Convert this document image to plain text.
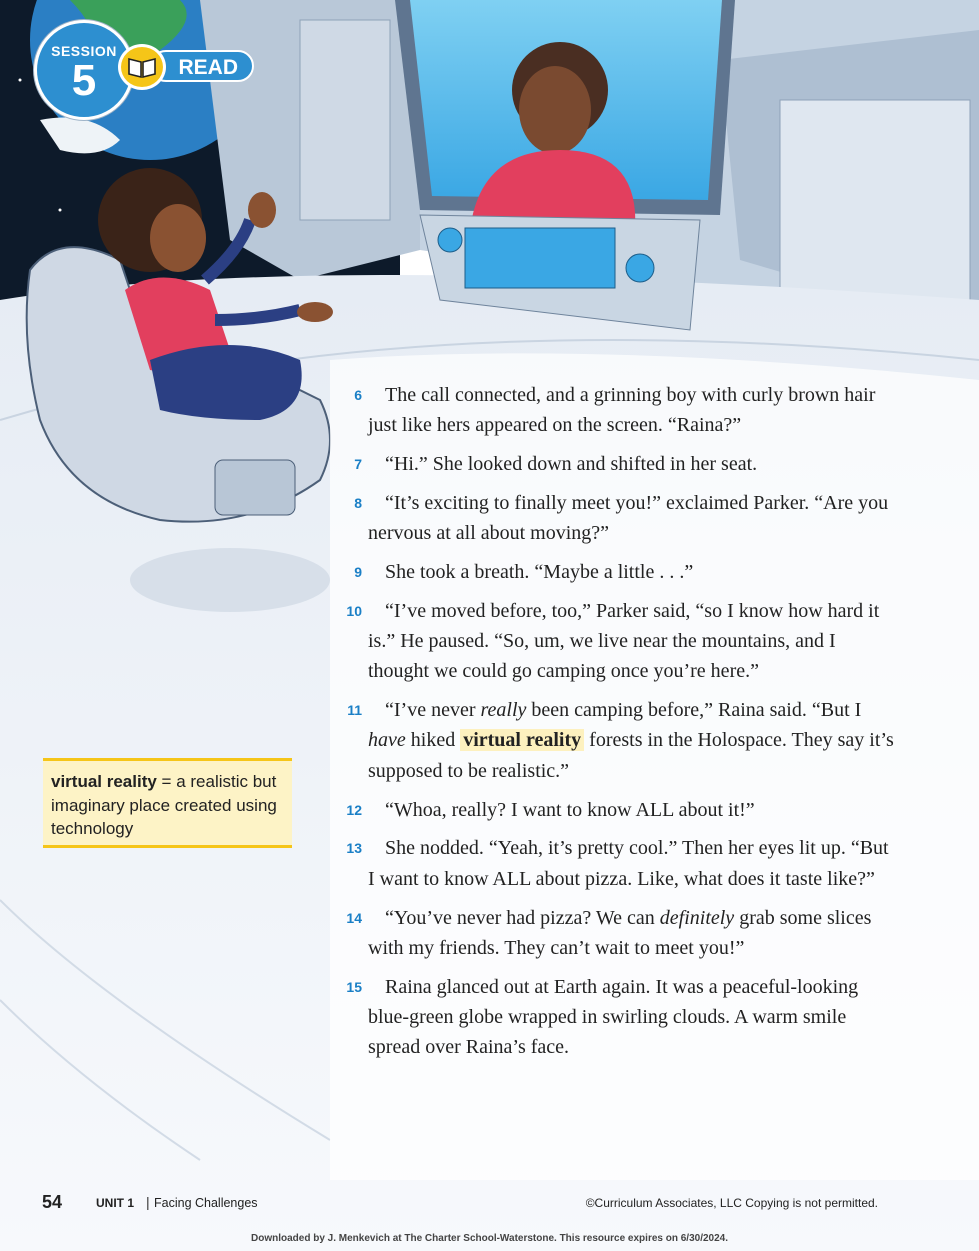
SESSION
5	READ
6	The call connected, and a grinning boy with curly brown hair just like hers appeared on the screen. “Raina?”
7	“Hi.” She looked down and shifted in her seat.
8	“It’s exciting to finally meet you!” exclaimed Parker. “Are you nervous at all about moving?”
9	She took a breath. “Maybe a little . . .”
10	“I’ve moved before, too,” Parker said, “so I know how hard it is.” He paused. “So, um, we live near the mountains, and I thought we could go camping once you’re here.”
11	“I’ve never really been camping before,” Raina said. “But I have hiked virtual reality forests in the Holospace. They say it’s supposed to be realistic.”
12	“Whoa, really? I want to know ALL about it!”
13	She nodded. “Yeah, it’s pretty cool.” Then her eyes lit up. “But I want to know ALL about pizza. Like, what does it taste like?”
14	“You’ve never had pizza? We can definitely grab some slices with my friends. They can’t wait to meet you!”
15	Raina glanced out at Earth again. It was a peaceful-looking blue-green globe wrapped in swirling clouds. A warm smile spread over Raina’s face.
virtual reality = a realistic but imaginary place created using technology
54	UNIT 1 | Facing Challenges	©Curriculum Associates, LLC Copying is not permitted.
Downloaded by J. Menkevich at The Charter School-Waterstone. This resource expires on 6/30/2024.
